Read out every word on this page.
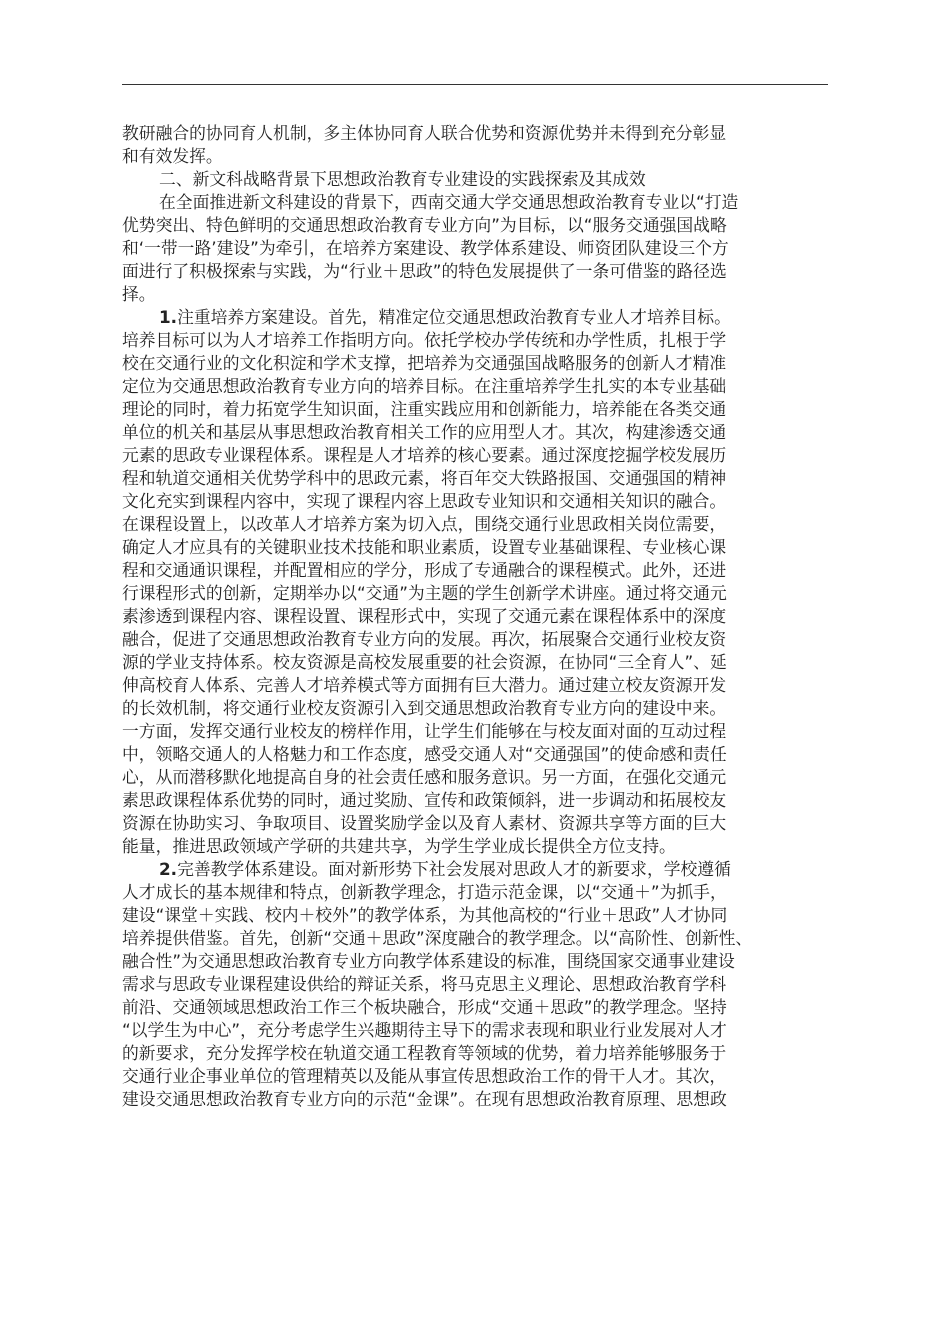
教研融合的协同育人机制，多主体协同育人联合优势和资源优势并未得到充分彰显
和有效发挥。
二、新文科战略背景下思想政治教育专业建设的实践探索及其成效
在全面推进新文科建设的背景下，西南交通大学交通思想政治教育专业以“打造
优势突出、特色鲜明的交通思想政治教育专业方向”为目标，以“服务交通强国战略
和‘一带一路’建设”为牵引，在培养方案建设、教学体系建设、师资团队建设三个方
面进行了积极探索与实践，为“行业＋思政”的特色发展提供了一条可借鉴的路径选
择。
1.注重培养方案建设。首先，精准定位交通思想政治教育专业人才培养目标。
培养目标可以为人才培养工作指明方向。依托学校办学传统和办学性质，扎根于学
校在交通行业的文化积淀和学术支撑，把培养为交通强国战略服务的创新人才精准
定位为交通思想政治教育专业方向的培养目标。在注重培养学生扎实的本专业基础
理论的同时，着力拓宽学生知识面，注重实践应用和创新能力，培养能在各类交通
单位的机关和基层从事思想政治教育相关工作的应用型人才。其次，构建渗透交通
元素的思政专业课程体系。课程是人才培养的核心要素。通过深度挖掘学校发展历
程和轨道交通相关优势学科中的思政元素，将百年交大铁路报国、交通强国的精神
文化充实到课程内容中，实现了课程内容上思政专业知识和交通相关知识的融合。
在课程设置上，以改革人才培养方案为切入点，围绕交通行业思政相关岗位需要，
确定人才应具有的关键职业技术技能和职业素质，设置专业基础课程、专业核心课
程和交通通识课程，并配置相应的学分，形成了专通融合的课程模式。此外，还进
行课程形式的创新，定期举办以“交通”为主题的学生创新学术讲座。通过将交通元
素渗透到课程内容、课程设置、课程形式中，实现了交通元素在课程体系中的深度
融合，促进了交通思想政治教育专业方向的发展。再次，拓展聚合交通行业校友资
源的学业支持体系。校友资源是高校发展重要的社会资源，在协同“三全育人”、延
伸高校育人体系、完善人才培养模式等方面拥有巨大潜力。通过建立校友资源开发
的长效机制，将交通行业校友资源引入到交通思想政治教育专业方向的建设中来。
一方面，发挥交通行业校友的榜样作用，让学生们能够在与校友面对面的互动过程
中，领略交通人的人格魅力和工作态度，感受交通人对“交通强国”的使命感和责任
心，从而潜移默化地提高自身的社会责任感和服务意识。另一方面，在强化交通元
素思政课程体系优势的同时，通过奖励、宣传和政策倾斜，进一步调动和拓展校友
资源在协助实习、争取项目、设置奖励学金以及育人素材、资源共享等方面的巨大
能量，推进思政领域产学研的共建共享，为学生学业成长提供全方位支持。
2.完善教学体系建设。面对新形势下社会发展对思政人才的新要求，学校遵循
人才成长的基本规律和特点，创新教学理念，打造示范金课，以“交通＋”为抓手，
建设“课堂＋实践、校内＋校外”的教学体系，为其他高校的“行业＋思政”人才协同
培养提供借鉴。首先，创新“交通＋思政”深度融合的教学理念。以“高阶性、创新性、
融合性”为交通思想政治教育专业方向教学体系建设的标准，围绕国家交通事业建设
需求与思政专业课程建设供给的辩证关系，将马克思主义理论、思想政治教育学科
前沿、交通领域思想政治工作三个板块融合，形成“交通＋思政”的教学理念。坚持
“以学生为中心”，充分考虑学生兴趣期待主导下的需求表现和职业行业发展对人才
的新要求，充分发挥学校在轨道交通工程教育等领域的优势，着力培养能够服务于
交通行业企事业单位的管理精英以及能从事宣传思想政治工作的骨干人才。其次，
建设交通思想政治教育专业方向的示范“金课”。在现有思想政治教育原理、思想政
